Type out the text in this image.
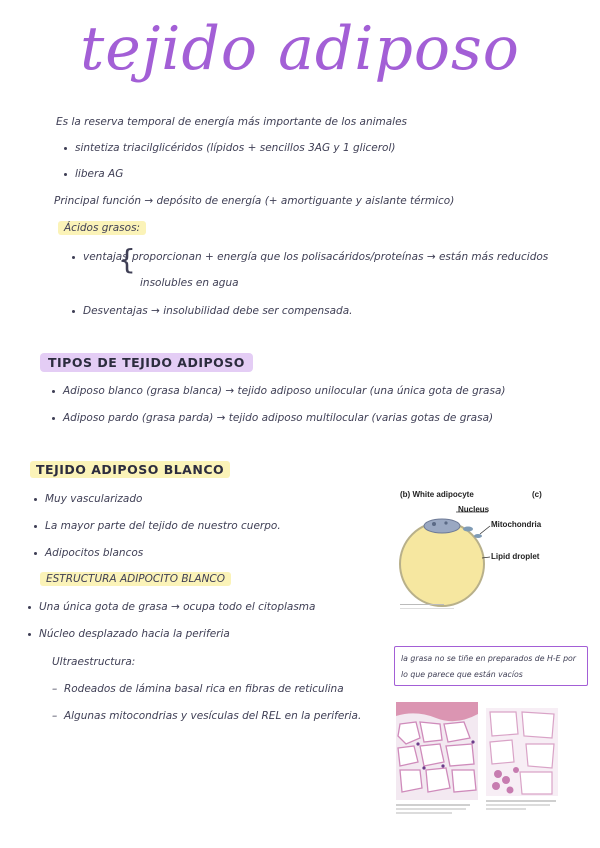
tejido adiposo
Es la reserva temporal de energía más importante de los animales
sintetiza triacilglicéridos (lípidos + sencillos 3AG y 1 glicerol)
libera AG
Principal función → depósito de energía (+ amortiguante y aislante térmico)
Ácidos grasos:
ventajas
{
proporcionan + energía que los polisacáridos/proteínas → están más reducidos
insolubles en agua
Desventajas → insolubilidad debe ser compensada.
TIPOS DE TEJIDO ADIPOSO
Adiposo blanco (grasa blanca) → tejido adiposo unilocular (una única gota de grasa)
Adiposo pardo (grasa parda) → tejido adiposo multilocular (varias gotas de grasa)
TEJIDO ADIPOSO BLANCO
Muy vascularizado
La mayor parte del tejido de nuestro cuerpo.
Adipocitos blancos
ESTRUCTURA ADIPOCITO BLANCO
Una única gota de grasa → ocupa todo el citoplasma
Núcleo desplazado hacia la periferia
Ultraestructura:
–  Rodeados de lámina basal rica en fibras de reticulina
–  Algunas mitocondrias y vesículas del REL en la periferia.
(b) White adipocyte	(c)
Nucleus
Mitochondria
Lipid droplet
la grasa no se tiñe en preparados de H-E por lo que parece que están vacíos
